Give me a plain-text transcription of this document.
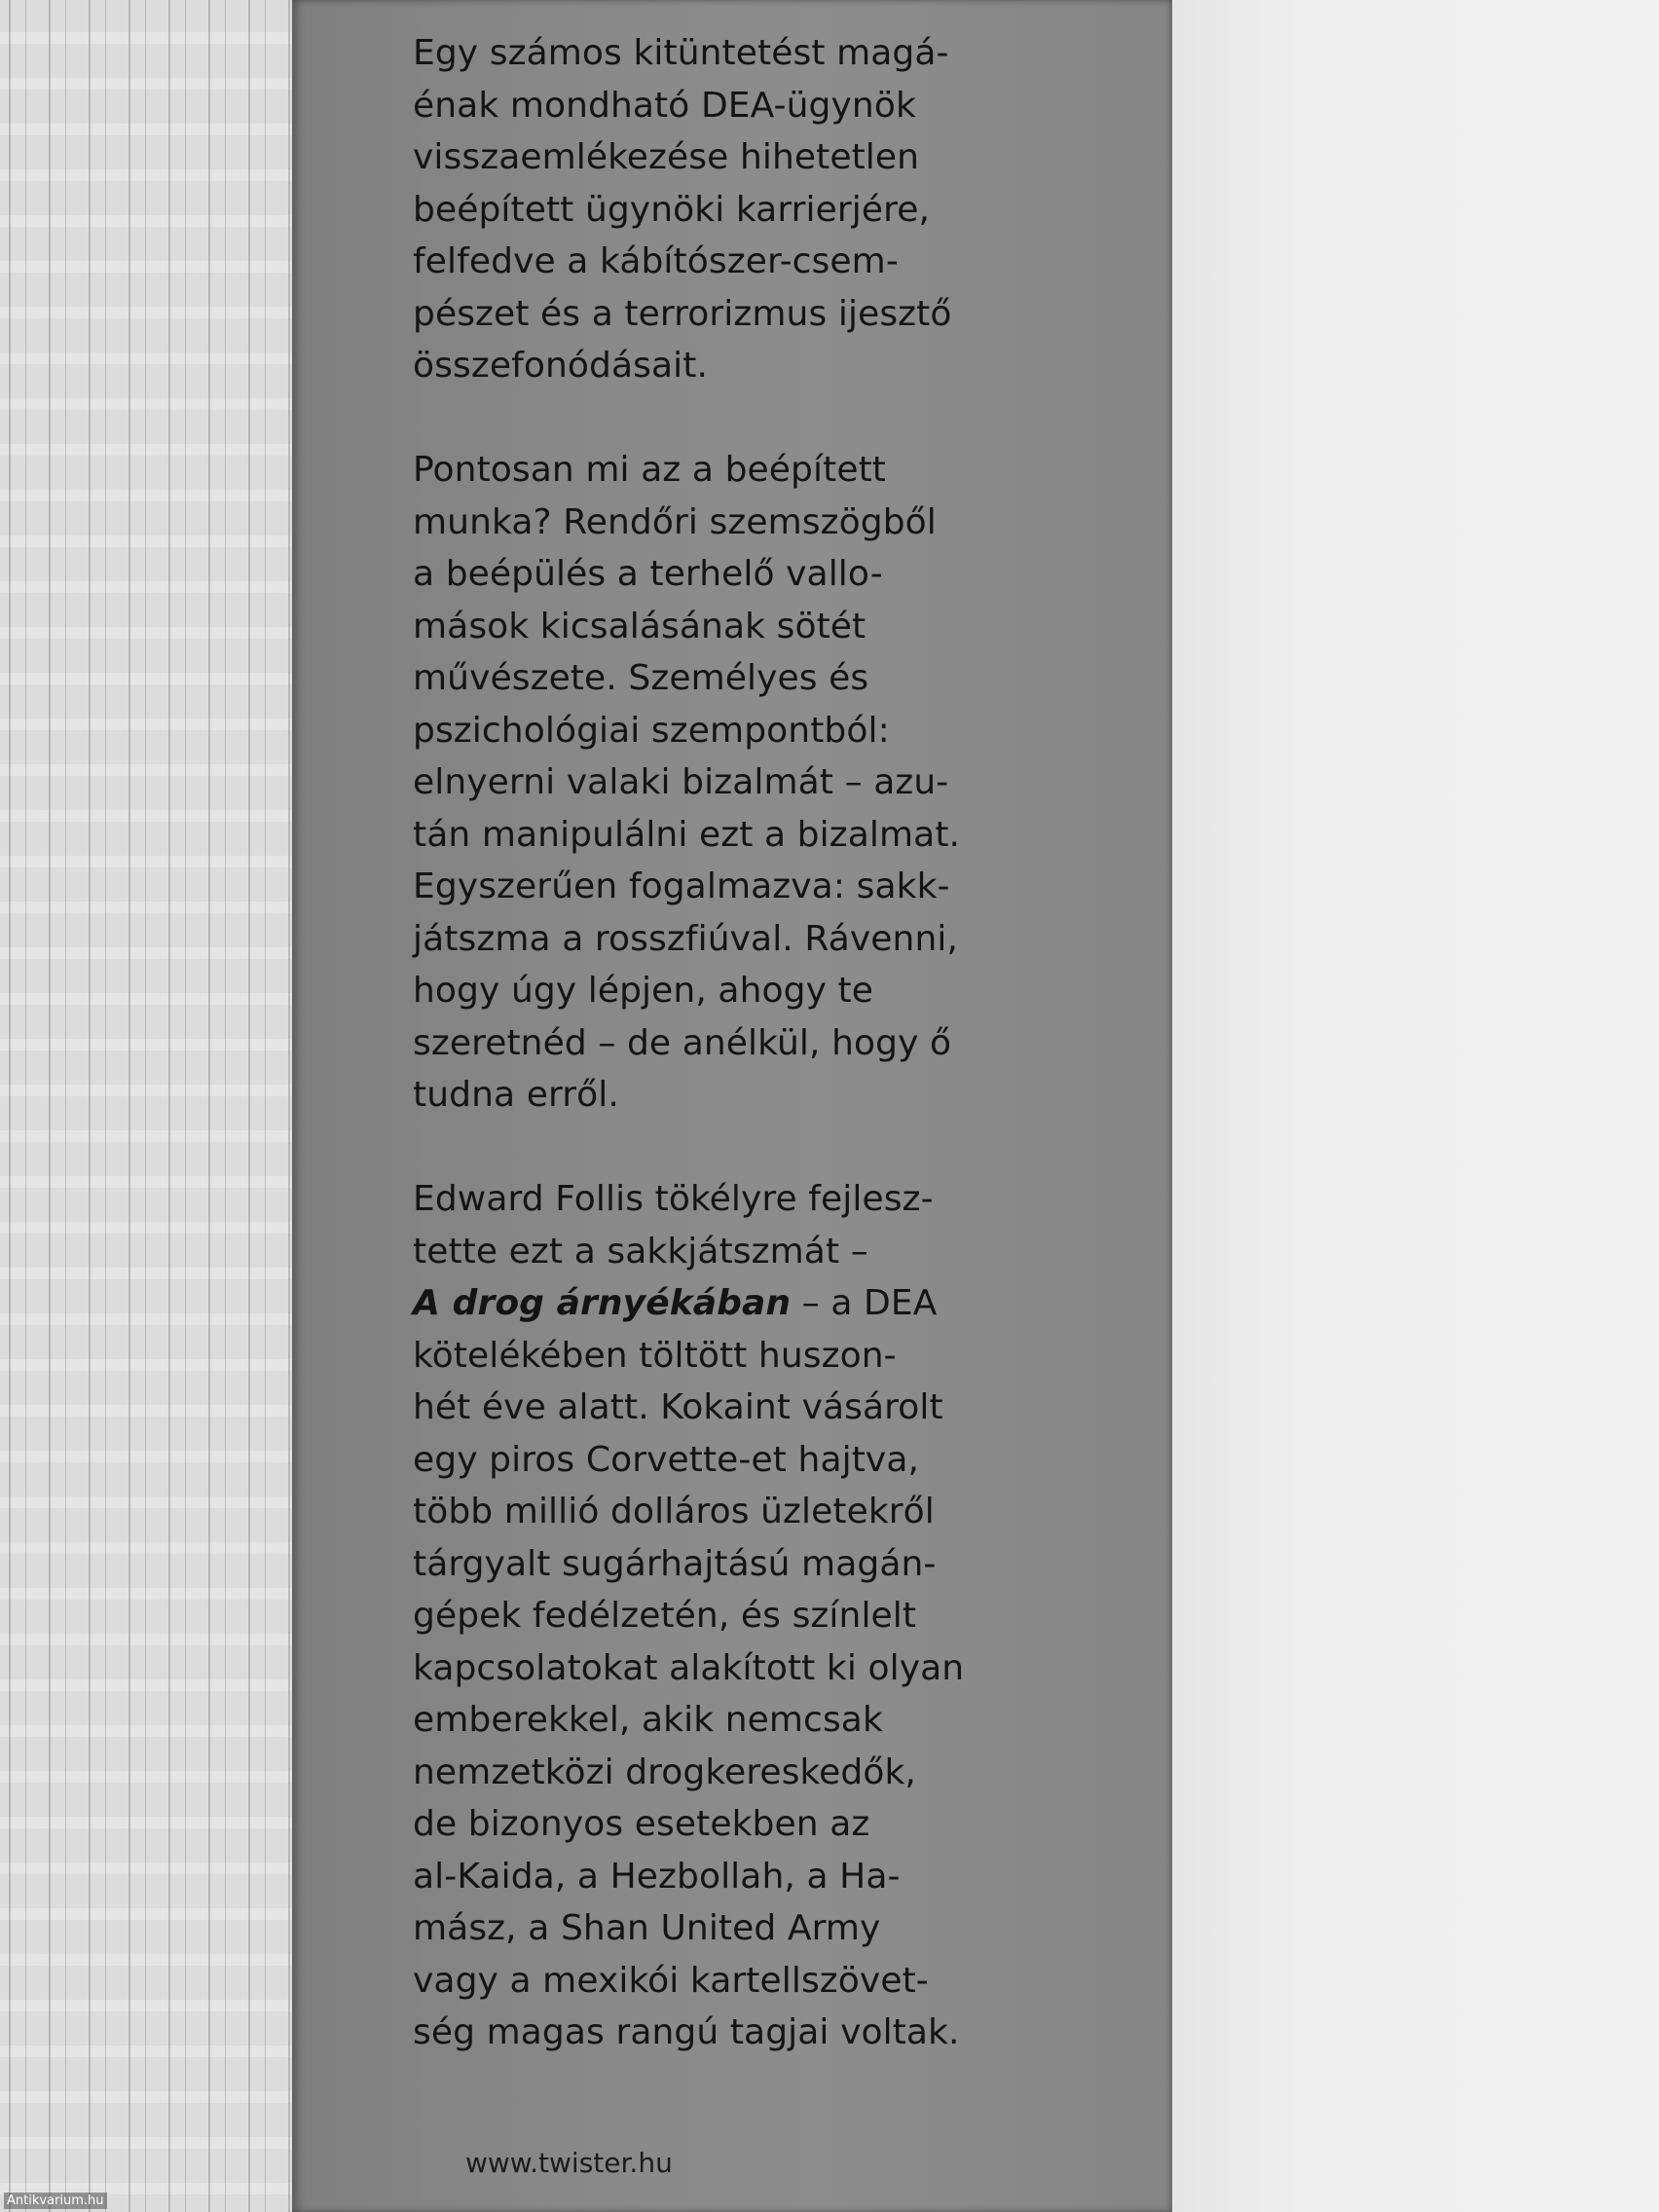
Egy számos kitüntetést magá-
énak mondható DEA-ügynök
visszaemlékezése hihetetlen
beépített ügynöki karrierjére,
felfedve a kábítószer-csem-
pészet és a terrorizmus ijesztő
összefonódásait.
Pontosan mi az a beépített
munka? Rendőri szemszögből
a beépülés a terhelő vallo-
mások kicsalásának sötét
művészete. Személyes és
pszichológiai szempontból:
elnyerni valaki bizalmát – azu-
tán manipulálni ezt a bizalmat.
Egyszerűen fogalmazva: sakk-
játszma a rosszfiúval. Rávenni,
hogy úgy lépjen, ahogy te
szeretnéd – de anélkül, hogy ő
tudna erről.
Edward Follis tökélyre fejlesz-
tette ezt a sakkjátszmát –
A drog árnyékában – a DEA
kötelékében töltött huszon-
hét éve alatt. Kokaint vásárolt
egy piros Corvette-et hajtva,
több millió dolláros üzletekről
tárgyalt sugárhajtású magán-
gépek fedélzetén, és színlelt
kapcsolatokat alakított ki olyan
emberekkel, akik nemcsak
nemzetközi drogkereskedők,
de bizonyos esetekben az
al-Kaida, a Hezbollah, a Ha-
mász, a Shan United Army
vagy a mexikói kartellszövet-
ség magas rangú tagjai voltak.
www.twister.hu
Antikvarium.hu
